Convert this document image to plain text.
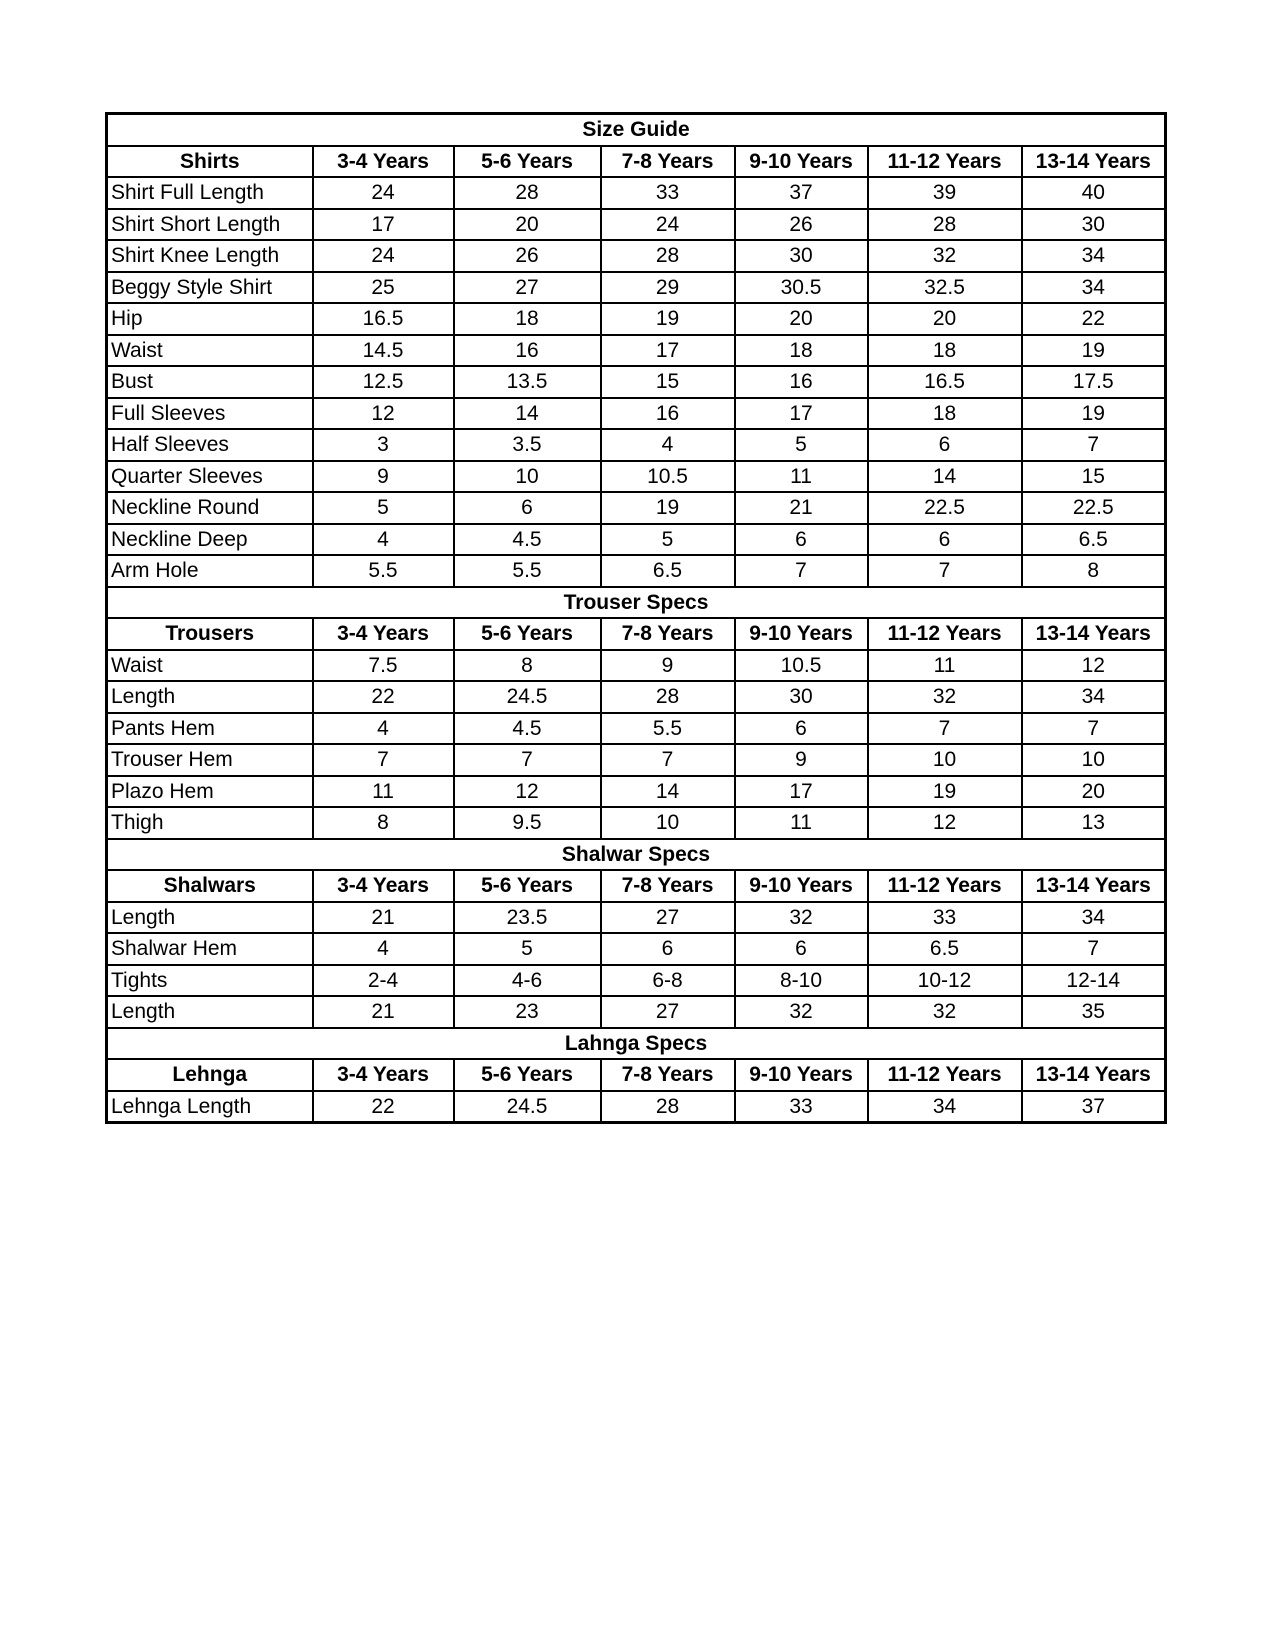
Size Guide						
Shirts	3-4 Years	5-6 Years	7-8 Years	9-10 Years	11-12 Years	13-14 Years
Shirt Full Length	24	28	33	37	39	40
Shirt Short Length	17	20	24	26	28	30
Shirt Knee Length	24	26	28	30	32	34
Beggy Style Shirt	25	27	29	30.5	32.5	34
Hip	16.5	18	19	20	20	22
Waist	14.5	16	17	18	18	19
Bust	12.5	13.5	15	16	16.5	17.5
Full Sleeves	12	14	16	17	18	19
Half Sleeves	3	3.5	4	5	6	7
Quarter Sleeves	9	10	10.5	11	14	15
Neckline Round	5	6	19	21	22.5	22.5
Neckline Deep	4	4.5	5	6	6	6.5
Arm Hole	5.5	5.5	6.5	7	7	8
Trouser Specs						
Trousers	3-4 Years	5-6 Years	7-8 Years	9-10 Years	11-12 Years	13-14 Years
Waist	7.5	8	9	10.5	11	12
Length	22	24.5	28	30	32	34
Pants Hem	4	4.5	5.5	6	7	7
Trouser Hem	7	7	7	9	10	10
Plazo Hem	11	12	14	17	19	20
Thigh	8	9.5	10	11	12	13
Shalwar Specs						
Shalwars	3-4 Years	5-6 Years	7-8 Years	9-10 Years	11-12 Years	13-14 Years
Length	21	23.5	27	32	33	34
Shalwar Hem	4	5	6	6	6.5	7
Tights	2-4	4-6	6-8	8-10	10-12	12-14
Length	21	23	27	32	32	35
Lahnga Specs						
Lehnga	3-4 Years	5-6 Years	7-8 Years	9-10 Years	11-12 Years	13-14 Years
Lehnga Length	22	24.5	28	33	34	37
